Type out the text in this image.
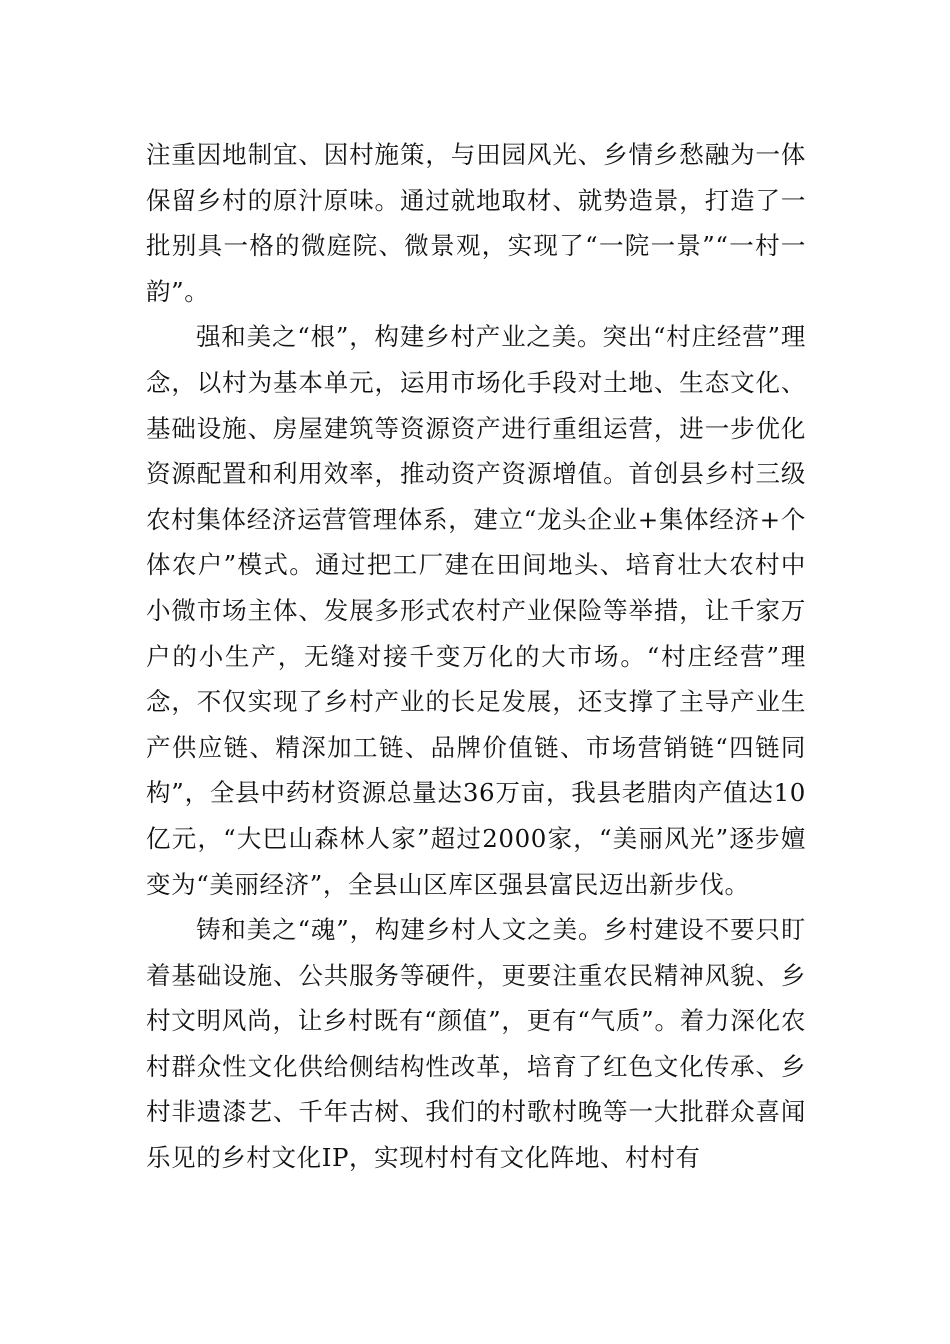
注重因地制宜、因村施策，与田园风光、乡情乡愁融为一体保留乡村的原汁原味。通过就地取材、就势造景，打造了一批别具一格的微庭院、微景观，实现了“一院一景”“一村一韵”。

强和美之“根”，构建乡村产业之美。突出“村庄经营”理念，以村为基本单元，运用市场化手段对土地、生态文化、基础设施、房屋建筑等资源资产进行重组运营，进一步优化资源配置和利用效率，推动资产资源增值。首创县乡村三级农村集体经济运营管理体系，建立“龙头企业+集体经济+个体农户”模式。通过把工厂建在田间地头、培育壮大农村中小微市场主体、发展多形式农村产业保险等举措，让千家万户的小生产，无缝对接千变万化的大市场。“村庄经营”理念，不仅实现了乡村产业的长足发展，还支撑了主导产业生产供应链、精深加工链、品牌价值链、市场营销链“四链同构”，全县中药材资源总量达36万亩，我县老腊肉产值达10亿元，“大巴山森林人家”超过2000家，“美丽风光”逐步嬗变为“美丽经济”，全县山区库区强县富民迈出新步伐。

铸和美之“魂”，构建乡村人文之美。乡村建设不要只盯着基础设施、公共服务等硬件，更要注重农民精神风貌、乡村文明风尚，让乡村既有“颜值”，更有“气质”。着力深化农村群众性文化供给侧结构性改革，培育了红色文化传承、乡村非遗漆艺、千年古树、我们的村歌村晚等一大批群众喜闻乐见的乡村文化IP，实现村村有文化阵地、村村有
